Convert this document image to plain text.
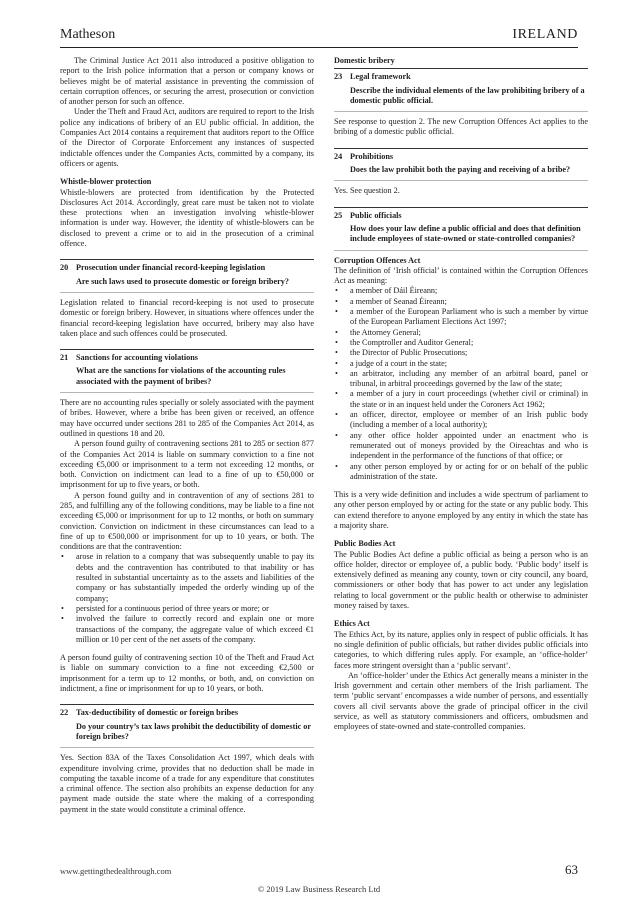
Matheson	IRELAND

The Criminal Justice Act 2011 also introduced a positive obligation to report to the Irish police information that a person or company knows or believes might be of material assistance in preventing the commission of certain corruption offences, or securing the arrest, prosecution or conviction of another person for such an offence.

Under the Theft and Fraud Act, auditors are required to report to the Irish police any indications of bribery of an EU public official. In addition, the Companies Act 2014 contains a requirement that auditors report to the Office of the Director of Corporate Enforcement any instances of suspected indictable offences under the Companies Acts, committed by a company, its officers or agents.

Whistle-blower protection

Whistle-blowers are protected from identification by the Protected Disclosures Act 2014. Accordingly, great care must be taken not to violate these protections when an investigation involving whistle-blower information is under way. However, the identity of whistle-blowers can be disclosed to prevent a crime or to aid in the prosecution of a criminal offence.

20 Prosecution under financial record-keeping legislation
Are such laws used to prosecute domestic or foreign bribery?

Legislation related to financial record-keeping is not used to prosecute domestic or foreign bribery. However, in situations where offences under the financial record-keeping legislation have occurred, bribery may also have taken place and such offences could be prosecuted.

21 Sanctions for accounting violations
What are the sanctions for violations of the accounting rules associated with the payment of bribes?

There are no accounting rules specially or solely associated with the payment of bribes. However, where a bribe has been given or received, an offence may have occurred under sections 281 to 285 of the Companies Act 2014, as outlined in questions 18 and 20.

A person found guilty of contravening sections 281 to 285 or section 877 of the Companies Act 2014 is liable on summary conviction to a fine not exceeding €5,000 or imprisonment to a term not exceeding 12 months, or both. Conviction on indictment can lead to a fine of up to €50,000 or imprisonment for up to five years, or both.

A person found guilty and in contravention of any of sections 281 to 285, and fulfilling any of the following conditions, may be liable to a fine not exceeding €5,000 or imprisonment for up to 12 months, or both on summary conviction. Conviction on indictment in these circumstances can lead to a fine of up to €500,000 or imprisonment for up to 10 years, or both. The conditions are that the contravention:

• arose in relation to a company that was subsequently unable to pay its debts and the contravention has contributed to that inability or has resulted in substantial uncertainty as to the assets and liabilities of the company or has substantially impeded the orderly winding up of the company;
• persisted for a continuous period of three years or more; or
• involved the failure to correctly record and explain one or more transactions of the company, the aggregate value of which exceed €1 million or 10 per cent of the net assets of the company.

A person found guilty of contravening section 10 of the Theft and Fraud Act is liable on summary conviction to a fine not exceeding €2,500 or imprisonment for a term up to 12 months, or both, and, on conviction on indictment, a fine or imprisonment for up to 10 years, or both.

22 Tax-deductibility of domestic or foreign bribes
Do your country’s tax laws prohibit the deductibility of domestic or foreign bribes?

Yes. Section 83A of the Taxes Consolidation Act 1997, which deals with expenditure involving crime, provides that no deduction shall be made in computing the taxable income of a trade for any expenditure that constitutes a criminal offence. The section also prohibits an expense deduction for any payment made outside the state where the making of a corresponding payment in the state would constitute a criminal offence.

Domestic bribery
23 Legal framework
Describe the individual elements of the law prohibiting bribery of a domestic public official.

See response to question 2. The new Corruption Offences Act applies to the bribing of a domestic public official.

24 Prohibitions
Does the law prohibit both the paying and receiving of a bribe?

Yes. See question 2.

25 Public officials
How does your law define a public official and does that definition include employees of state-owned or state-controlled companies?

Corruption Offences Act

The definition of ‘Irish official’ is contained within the Corruption Offences Act as meaning:

• a member of Dáil Éireann;
• a member of Seanad Éireann;
• a member of the European Parliament who is such a member by virtue of the European Parliament Elections Act 1997;
• the Attorney General;
• the Comptroller and Auditor General;
• the Director of Public Prosecutions;
• a judge of a court in the state;
• an arbitrator, including any member of an arbitral board, panel or tribunal, in arbitral proceedings governed by the law of the state;
• a member of a jury in court proceedings (whether civil or criminal) in the state or in an inquest held under the Coroners Act 1962;
• an officer, director, employee or member of an Irish public body (including a member of a local authority);
• any other office holder appointed under an enactment who is remunerated out of moneys provided by the Oireachtas and who is independent in the performance of the functions of that office; or
• any other person employed by or acting for or on behalf of the public administration of the state.

This is a very wide definition and includes a wide spectrum of parliament to any other person employed by or acting for the state or any public body. This can extend therefore to anyone employed by any entity in which the state has a majority share.

Public Bodies Act

The Public Bodies Act define a public official as being a person who is an office holder, director or employee of, a public body. ‘Public body’ itself is extensively defined as meaning any county, town or city council, any board, commissioners or other body that has power to act under any legislation relating to local government or the public health or otherwise to administer money raised by taxes.

Ethics Act

The Ethics Act, by its nature, applies only in respect of public officials. It has no single definition of public officials, but rather divides public officials into categories, to which differing rules apply. For example, an ‘office-holder’ faces more stringent oversight than a ‘public servant’.

An ‘office-holder’ under the Ethics Act generally means a minister in the Irish government and certain other members of the Irish parliament. The term ‘public servant’ encompasses a wide number of persons, and essentially covers all civil servants above the grade of principal officer in the civil service, as well as statutory commissioners and officers, ombudsmen and employees of state-owned and state-controlled companies.

www.gettingthedealthrough.com	63
© 2019 Law Business Research Ltd
